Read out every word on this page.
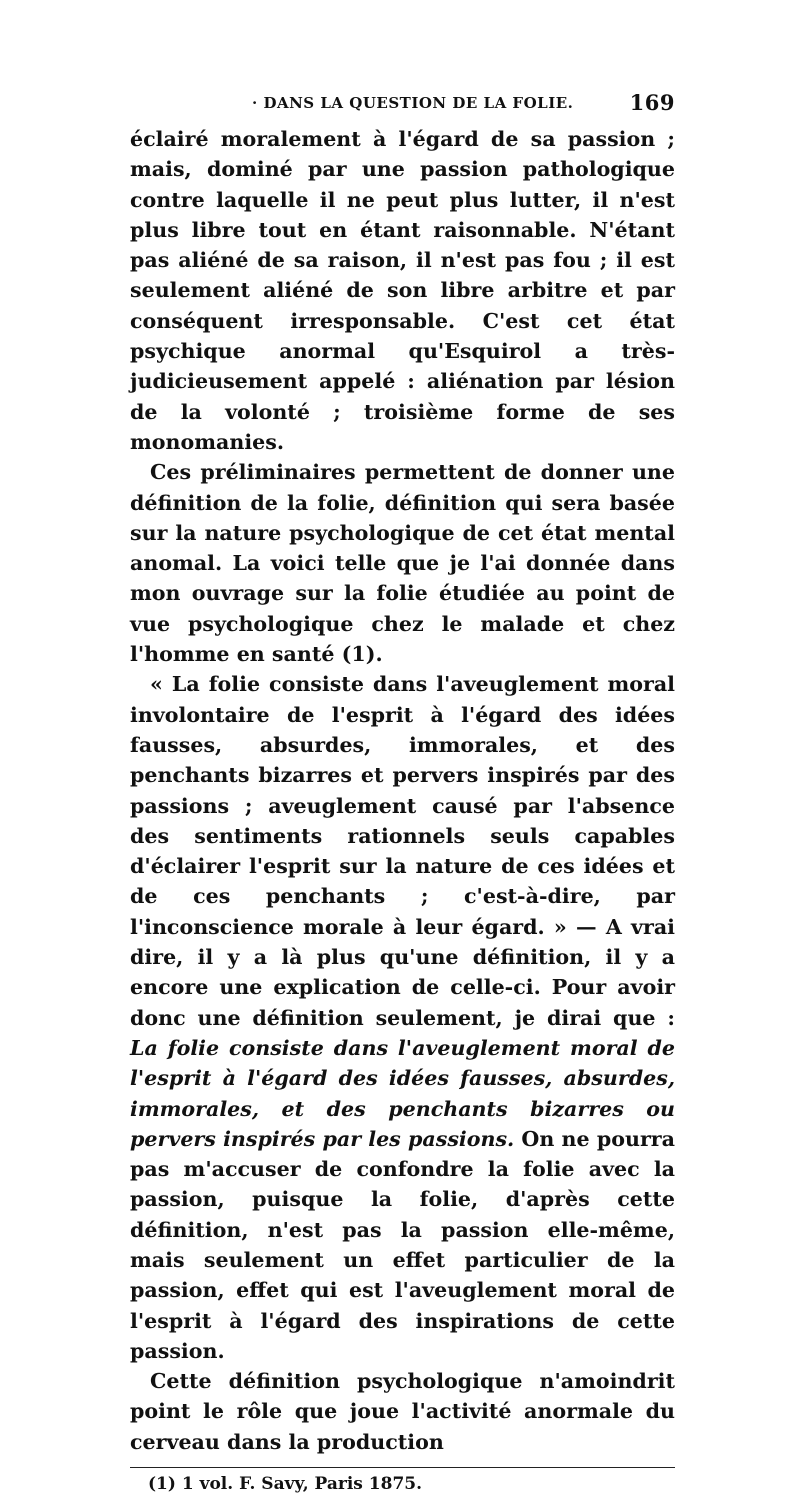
· DANS LA QUESTION DE LA FOLIE.	169

éclairé moralement à l'égard de sa passion ; mais, dominé par une passion pathologique contre laquelle il ne peut plus lutter, il n'est plus libre tout en étant raisonnable. N'étant pas aliéné de sa raison, il n'est pas fou ; il est seulement aliéné de son libre arbitre et par conséquent irresponsable. C'est cet état psychique anormal qu'Esquirol a très-judicieusement appelé : aliénation par lésion de la volonté ; troisième forme de ses monomanies.

Ces préliminaires permettent de donner une définition de la folie, définition qui sera basée sur la nature psychologique de cet état mental anomal. La voici telle que je l'ai donnée dans mon ouvrage sur la folie étudiée au point de vue psychologique chez le malade et chez l'homme en santé (1).

« La folie consiste dans l'aveuglement moral involontaire de l'esprit à l'égard des idées fausses, absurdes, immorales, et des penchants bizarres et pervers inspirés par des passions ; aveuglement causé par l'absence des sentiments rationnels seuls capables d'éclairer l'esprit sur la nature de ces idées et de ces penchants ; c'est-à-dire, par l'inconscience morale à leur égard. » — A vrai dire, il y a là plus qu'une définition, il y a encore une explication de celle-ci. Pour avoir donc une définition seulement, je dirai que : La folie consiste dans l'aveuglement moral de l'esprit à l'égard des idées fausses, absurdes, immorales, et des penchants bizarres ou pervers inspirés par les passions. On ne pourra pas m'accuser de confondre la folie avec la passion, puisque la folie, d'après cette définition, n'est pas la passion elle-même, mais seulement un effet particulier de la passion, effet qui est l'aveuglement moral de l'esprit à l'égard des inspirations de cette passion.

Cette définition psychologique n'amoindrit point le rôle que joue l'activité anormale du cerveau dans la production

(1) 1 vol. F. Savy, Paris 1875.
